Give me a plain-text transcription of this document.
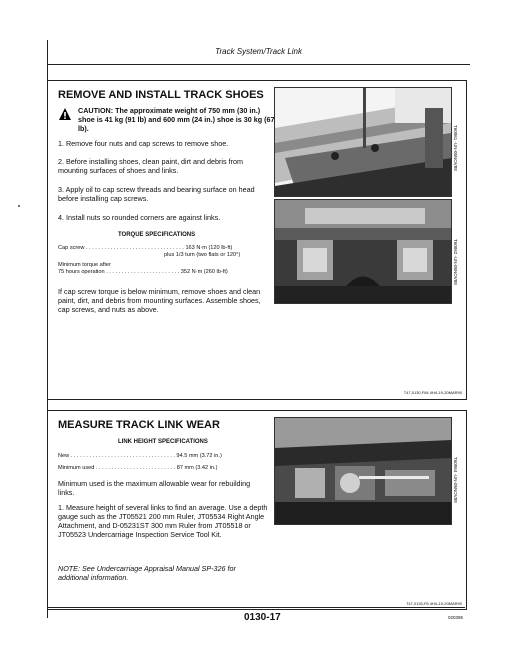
Track System/Track Link
REMOVE AND INSTALL TRACK SHOES
CAUTION: The approximate weight of 750 mm (30 in.) shoe is 41 kg (91 lb) and 600 mm (24 in.) shoe is 30 kg (67 lb).
1. Remove four nuts and cap screws to remove shoe.
2. Before installing shoes, clean paint, dirt and debris from mounting surfaces of shoes and links.
3. Apply oil to cap screw threads and bearing surface on head before installing cap screws.
4. Install nuts so rounded corners are against links.
TORQUE SPECIFICATIONS
Cap screw . . . . . . . . . . . . . . . . . . . . . . . . . . . . . . . . 163 N·m (120 lb-ft)
plus 1/3 turn (two flats or 120°)
Minimum torque after
75 hours operation . . . . . . . . . . . . . . . . . . . . . . . . 352 N·m (260 lb-ft)
If cap screw torque is below minimum, remove shoes and clean paint, dirt, and debris from mounting surfaces. Assemble shoes, cap screws, and nuts as above.
T60061 -UN-05NOV88
T60062 -UN-05NOV88
T47,0130,F84 4H4-19-20MAR90
MEASURE TRACK LINK WEAR
LINK HEIGHT SPECIFICATIONS
New . . . . . . . . . . . . . . . . . . . . . . . . . . . . . . . . . . 94.5 mm (3.72 in.)
Minimum used . . . . . . . . . . . . . . . . . . . . . . . . . . 87 mm (3.42 in.)
Minimum used is the maximum allowable wear for rebuilding links.
1. Measure height of several links to find an average. Use a depth gauge such as the JT05521 200 mm Ruler, JT05534 Right Angle Attachment, and D-05231ST 300 mm Ruler from JT05518 or JT05523 Undercarriage Inspection Service Tool Kit.
NOTE: See Undercarriage Appraisal Manual SP-326 for additional information.
T60064 -UN-05NOV88
T47,0130,F8 4H4-19-20MAR90
0130-17	020395
